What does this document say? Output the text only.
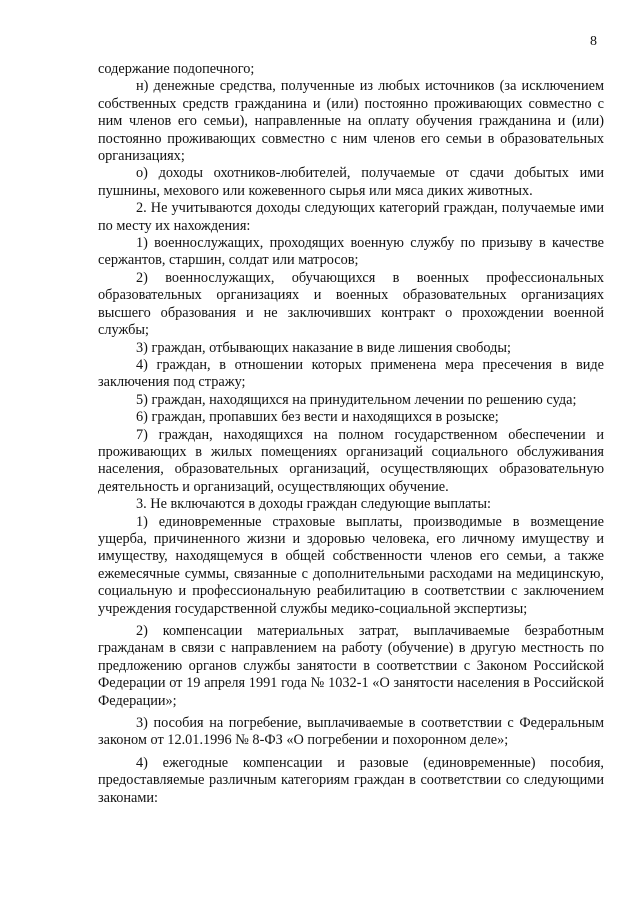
8

содержание подопечного;

н) денежные средства, полученные из любых источников (за исключением собственных средств гражданина и (или) постоянно проживающих совместно с ним членов его семьи), направленные на оплату обучения гражданина и (или) постоянно проживающих совместно с ним членов его семьи в образовательных организациях;

о) доходы охотников-любителей, получаемые от сдачи добытых ими пушнины, мехового или кожевенного сырья или мяса диких животных.

2. Не учитываются доходы следующих категорий граждан, получаемые ими по месту их нахождения:

1) военнослужащих, проходящих военную службу по призыву в качестве сержантов, старшин, солдат или матросов;

2) военнослужащих, обучающихся в военных профессиональных образовательных организациях и военных образовательных организациях высшего образования и не заключивших контракт о прохождении военной службы;

3) граждан, отбывающих наказание в виде лишения свободы;

4) граждан, в отношении которых применена мера пресечения в виде заключения под стражу;

5) граждан, находящихся на принудительном лечении по решению суда;

6) граждан, пропавших без вести и находящихся в розыске;

7) граждан, находящихся на полном государственном обеспечении и проживающих в жилых помещениях организаций социального обслуживания населения, образовательных организаций, осуществляющих образовательную деятельность и организаций, осуществляющих обучение.

3. Не включаются в доходы граждан следующие выплаты:

1) единовременные страховые выплаты, производимые в возмещение ущерба, причиненного жизни и здоровью человека, его личному имуществу и имуществу, находящемуся в общей собственности членов его семьи, а также ежемесячные суммы, связанные с дополнительными расходами на медицинскую, социальную и профессиональную реабилитацию в соответствии с заключением учреждения государственной службы медико-социальной экспертизы;

2) компенсации материальных затрат, выплачиваемые безработным гражданам в связи с направлением на работу (обучение) в другую местность по предложению органов службы занятости в соответствии с Законом Российской Федерации от 19 апреля 1991 года № 1032-1 «О занятости населения в Российской Федерации»;

3) пособия на погребение, выплачиваемые в соответствии с Федеральным законом от 12.01.1996 № 8-ФЗ «О погребении и похоронном деле»;

4) ежегодные компенсации и разовые (единовременные) пособия, предоставляемые различным категориям граждан в соответствии со следующими законами:
